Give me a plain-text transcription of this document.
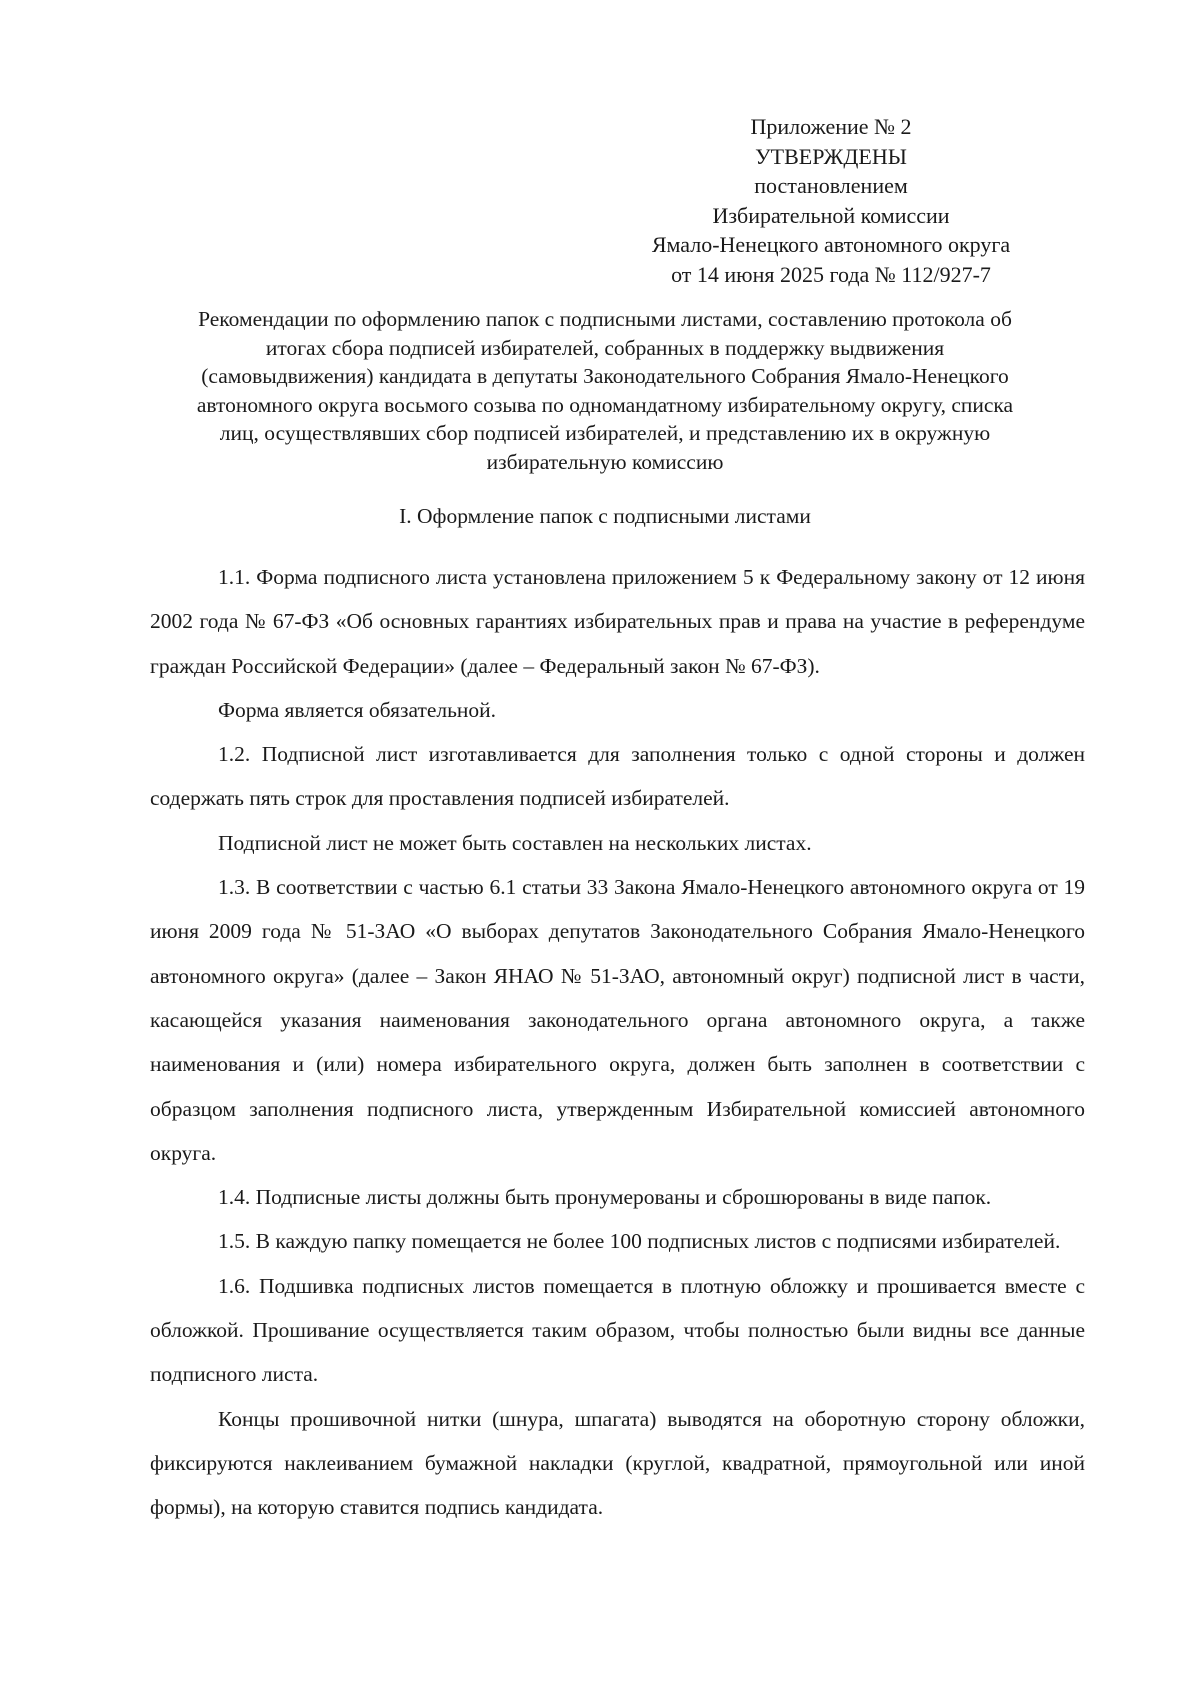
Приложение № 2
УТВЕРЖДЕНЫ
постановлением
Избирательной комиссии
Ямало-Ненецкого автономного округа
от 14 июня 2025 года № 112/927-7
Рекомендации по оформлению папок с подписными листами, составлению протокола об
итогах сбора подписей избирателей, собранных в поддержку выдвижения
(самовыдвижения) кандидата в депутаты Законодательного Собрания Ямало-Ненецкого
автономного округа восьмого созыва по одномандатному избирательному округу, списка
лиц, осуществлявших сбор подписей избирателей, и представлению их в окружную
избирательную комиссию
I. Оформление папок с подписными листами

1.1. Форма подписного листа установлена приложением 5 к Федеральному закону от 12 июня 2002 года № 67-ФЗ «Об основных гарантиях избирательных прав и права на участие в референдуме граждан Российской Федерации» (далее – Федеральный закон № 67-ФЗ).

Форма является обязательной.

1.2. Подписной лист изготавливается для заполнения только с одной стороны и должен содержать пять строк для проставления подписей избирателей.

Подписной лист не может быть составлен на нескольких листах.

1.3. В соответствии с частью 6.1 статьи 33 Закона Ямало-Ненецкого автономного округа от 19 июня 2009 года № 51-ЗАО «О выборах депутатов Законодательного Собрания Ямало-Ненецкого автономного округа» (далее – Закон ЯНАО № 51-ЗАО, автономный округ) подписной лист в части, касающейся указания наименования законодательного органа автономного округа, а также наименования и (или) номера избирательного округа, должен быть заполнен в соответствии с образцом заполнения подписного листа, утвержденным Избирательной комиссией автономного округа.

1.4. Подписные листы должны быть пронумерованы и сброшюрованы в виде папок.

1.5. В каждую папку помещается не более 100 подписных листов с подписями избирателей.

1.6. Подшивка подписных листов помещается в плотную обложку и прошивается вместе с обложкой. Прошивание осуществляется таким образом, чтобы полностью были видны все данные подписного листа.

Концы прошивочной нитки (шнура, шпагата) выводятся на оборотную сторону обложки, фиксируются наклеиванием бумажной накладки (круглой, квадратной, прямоугольной или иной формы), на которую ставится подпись кандидата.
